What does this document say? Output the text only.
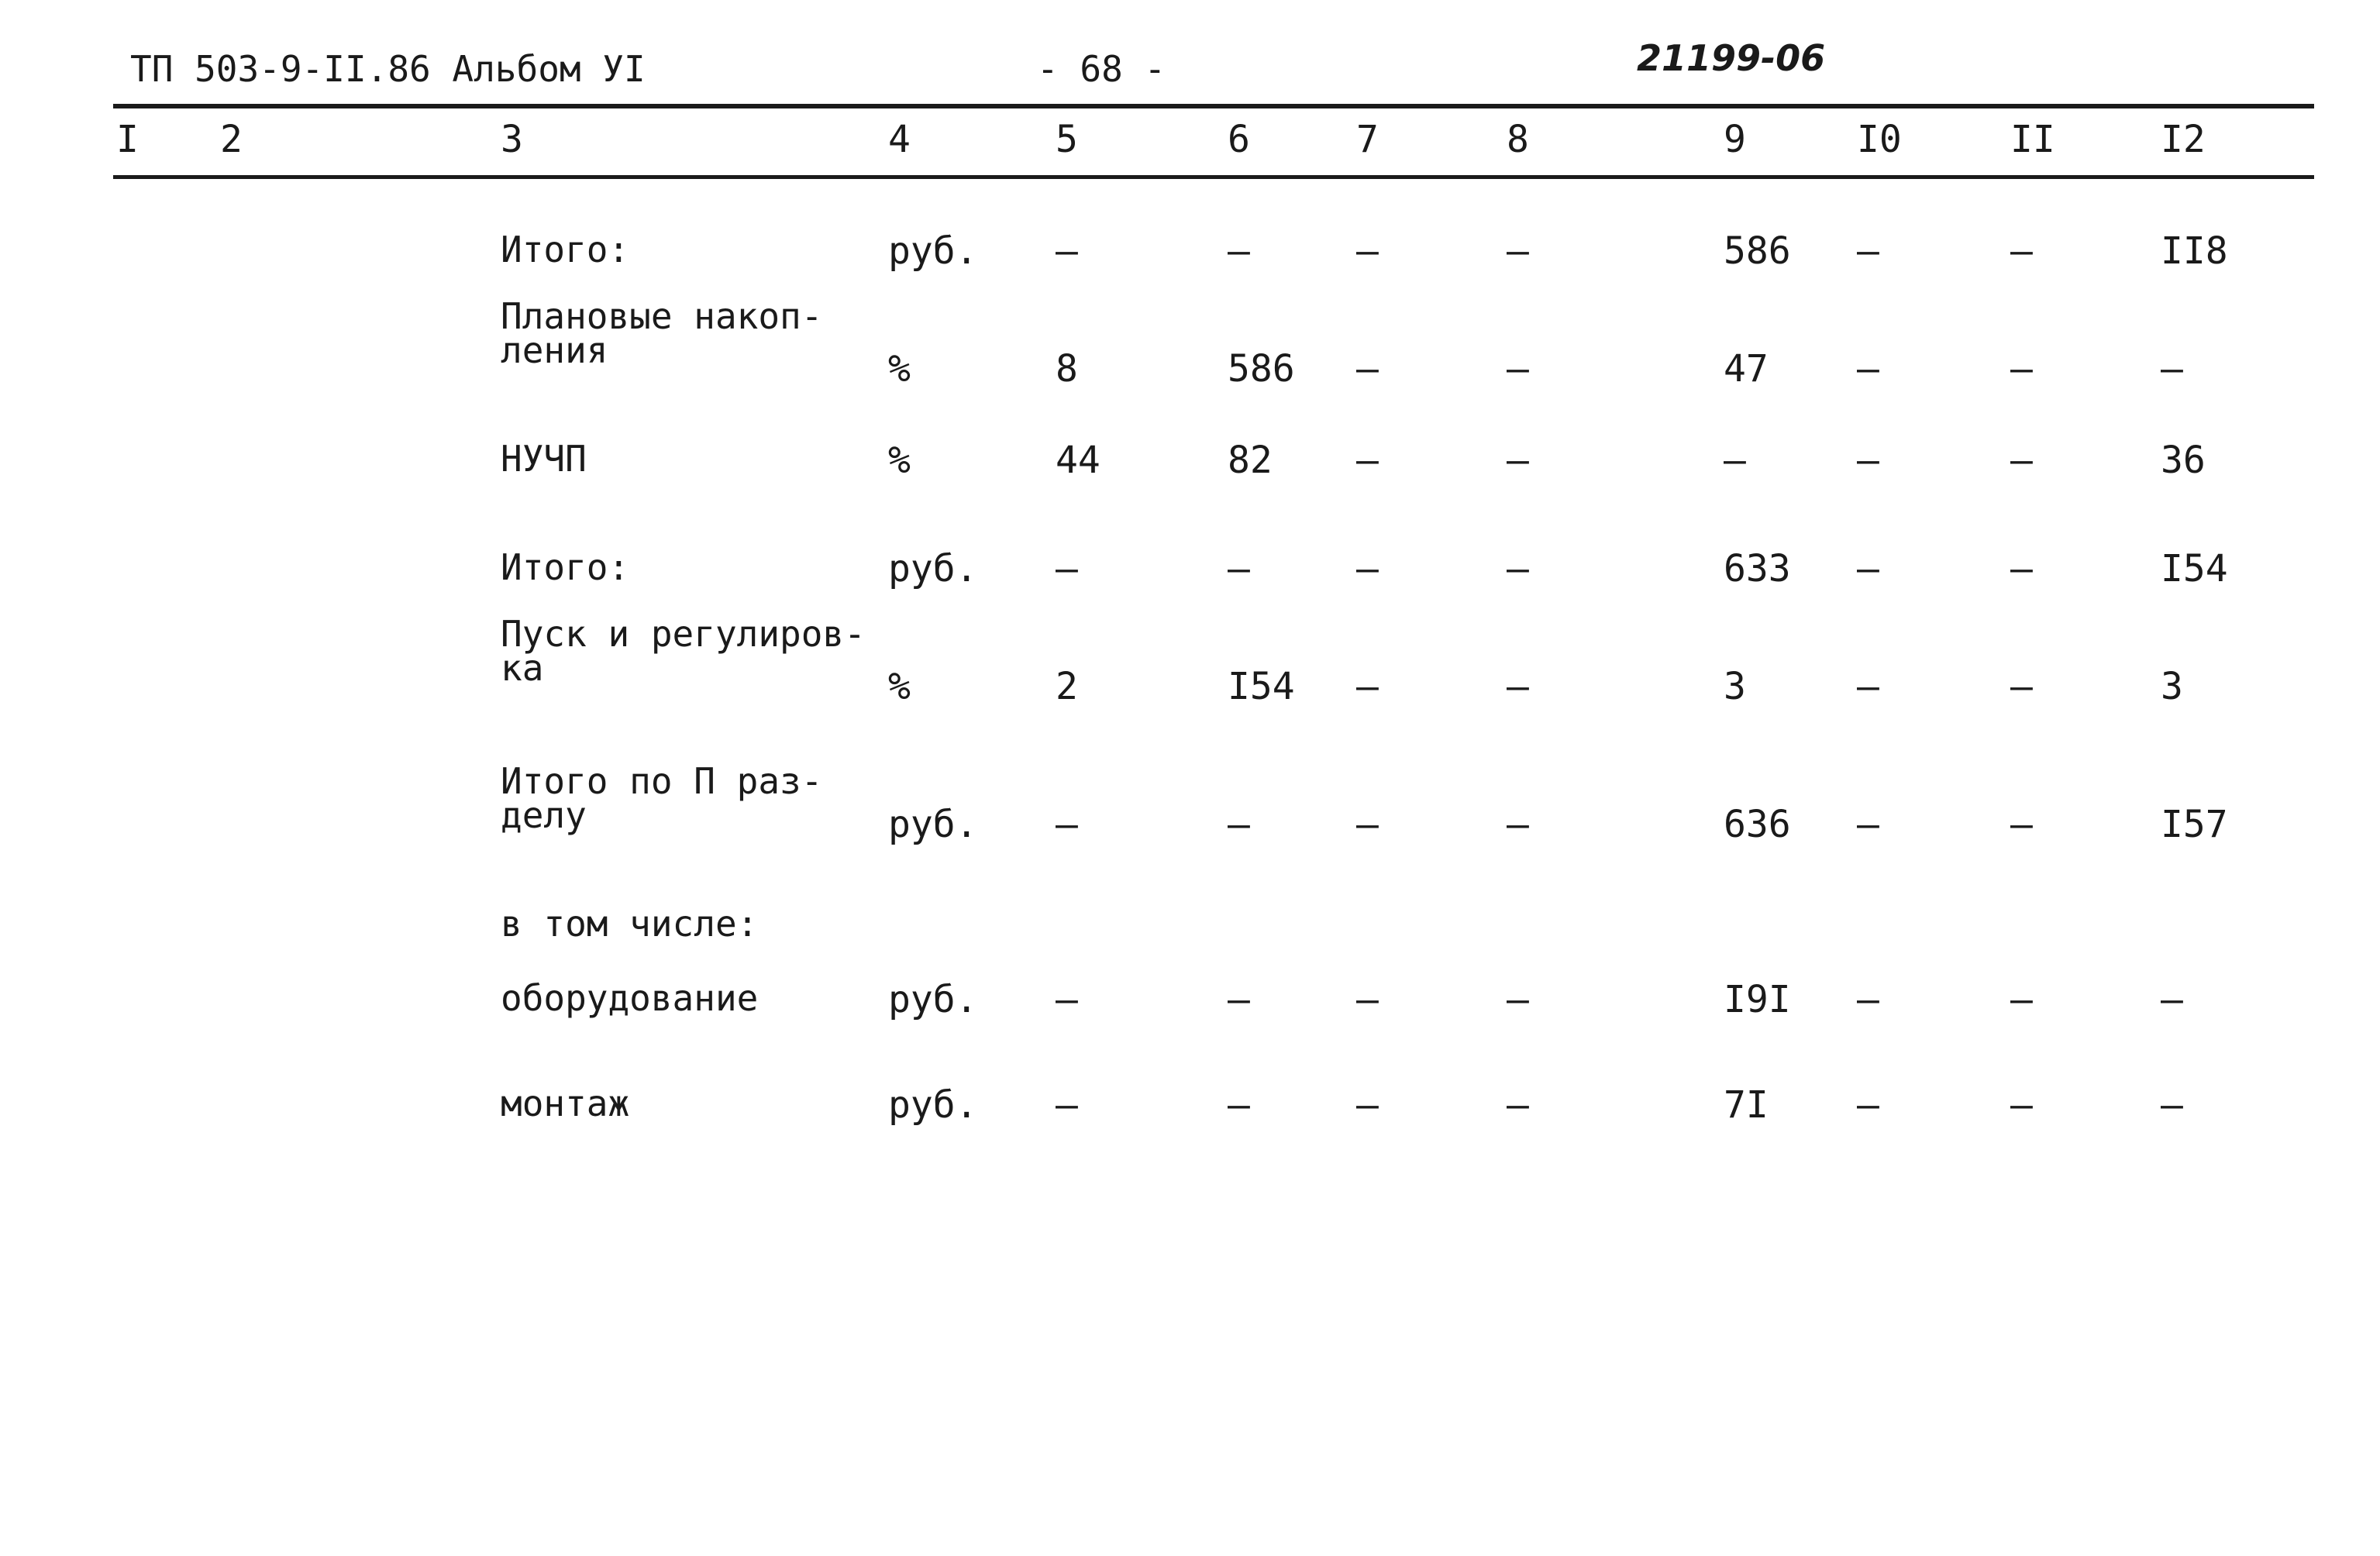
ТП 503-9-II.86 Альбом УI	- 68 -	21199-06
I 2	3	4	5	6	7	8	9	I0	II	I2
Итого:	руб. –	–	–	–	586 –	–	II8
Плановые накоп-
ления	%	8	586 –	–	47 –	–	–
НУЧП	%	44	82 –	–	–	–	–	36
Итого:	руб. –	–	–	–	633 –	–	I54
Пуск и регулиров-
ка	%	2	I54 –	–	3	–	–	3
Итого по П раз-
делу	руб. –	–	–	–	636 –	–	I57
в том числе:
оборудование	руб. –	–	–	–	I9I –	–	–
монтаж	руб. –	–	–	–	7I –	–	–
